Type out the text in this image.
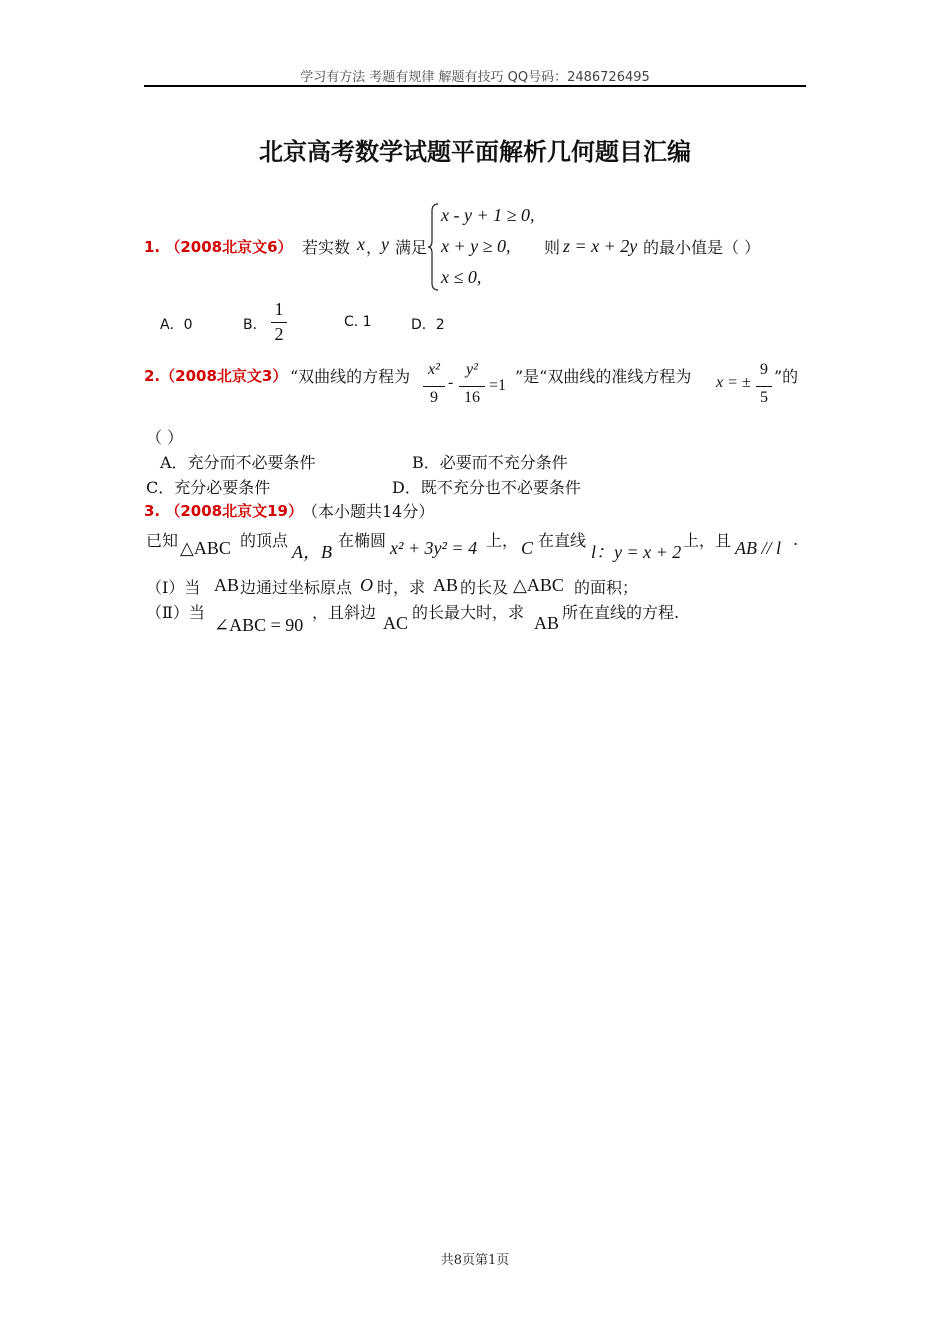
学习有方法 考题有规律 解题有技巧 QQ号码：2486726495
北京高考数学试题平面解析几何题目汇编
1. （2008北京文6） 若实数 x ，
y 满足
x - y + 1 ≥ 0,
x + y ≥ 0,
x ≤ 0,
则 z = x + 2y 的最小值是（ ）
A．0	B．
1
2
C. 1	D．2
2.（2008北京文3） “双曲线的方程为	x²
9
-
y²
16
=1 ”是“双曲线的准线方程为 x = ±
9
5
”的
（ ）
A．充分而不必要条件	B．必要而不充分条件
C．充分必要条件	D．既不充分也不必要条件
3. （2008北京文19） （本小题共14分）
已知 △ABC 的顶点
A，B
在椭圆 x² + 3y² = 4 上， C 在直线
l：y = x + 2
上，且 AB // l .
（Ⅰ）当 AB 边通过坐标原点 O 时，求 AB 的长及 △ABC 的面积；
（Ⅱ）当
∠ABC = 90
，且斜边
AC
的长最大时，求
AB
所在直线的方程.
共8页第1页
